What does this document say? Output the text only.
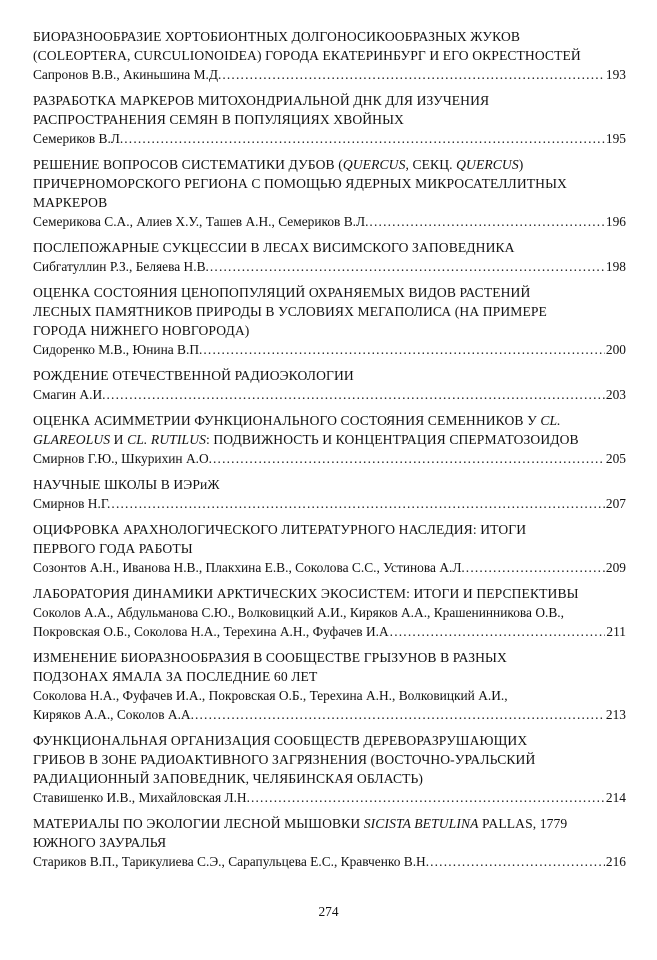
БИОРАЗНООБРАЗИЕ ХОРТОБИОНТНЫХ ДОЛГОНОСИКООБРАЗНЫХ ЖУКОВ
(COLEOPTERA, CURCULIONOIDEA) ГОРОДА ЕКАТЕРИНБУРГ И ЕГО ОКРЕСТНОСТЕЙ
Сапронов В.В., Акиньшина М.Д. .....	193
РАЗРАБОТКА МАРКЕРОВ МИТОХОНДРИАЛЬНОЙ ДНК ДЛЯ ИЗУЧЕНИЯ
РАСПРОСТРАНЕНИЯ СЕМЯН В ПОПУЛЯЦИЯХ ХВОЙНЫХ
Семериков В.Л. .....	195
РЕШЕНИЕ ВОПРОСОВ СИСТЕМАТИКИ ДУБОВ (QUERCUS, СЕКЦ. QUERCUS)
ПРИЧЕРНОМОРСКОГО РЕГИОНА С ПОМОЩЬЮ ЯДЕРНЫХ МИКРОСАТЕЛЛИТНЫХ
МАРКЕРОВ
Семерикова С.А., Алиев Х.У., Ташев А.Н., Семериков В.Л. .....	196
ПОСЛЕПОЖАРНЫЕ СУКЦЕССИИ В ЛЕСАХ ВИСИМСКОГО ЗАПОВЕДНИКА
Сибгатуллин Р.З., Беляева Н.В. .....	198
ОЦЕНКА СОСТОЯНИЯ ЦЕНОПОПУЛЯЦИЙ ОХРАНЯЕМЫХ ВИДОВ РАСТЕНИЙ
ЛЕСНЫХ ПАМЯТНИКОВ ПРИРОДЫ В УСЛОВИЯХ МЕГАПОЛИСА (НА ПРИМЕРЕ
ГОРОДА НИЖНЕГО НОВГОРОДА)
Сидоренко М.В., Юнина В.П. .....	200
РОЖДЕНИЕ ОТЕЧЕСТВЕННОЙ РАДИОЭКОЛОГИИ
Смагин А.И. .....	203
ОЦЕНКА АСИММЕТРИИ ФУНКЦИОНАЛЬНОГО СОСТОЯНИЯ СЕМЕННИКОВ У CL.
GLAREOLUS И CL. RUTILUS: ПОДВИЖНОСТЬ И КОНЦЕНТРАЦИЯ СПЕРМАТОЗОИДОВ
Смирнов Г.Ю., Шкурихин А.О. .....	205
НАУЧНЫЕ ШКОЛЫ В ИЭРиЖ
Смирнов Н.Г. .....	207
ОЦИФРОВКА АРАХНОЛОГИЧЕСКОГО ЛИТЕРАТУРНОГО НАСЛЕДИЯ: ИТОГИ
ПЕРВОГО ГОДА РАБОТЫ
Созонтов А.Н., Иванова Н.В., Плакхина Е.В., Соколова С.С., Устинова А.Л. .....	209
ЛАБОРАТОРИЯ ДИНАМИКИ АРКТИЧЕСКИХ ЭКОСИСТЕМ: ИТОГИ И ПЕРСПЕКТИВЫ
Соколов А.А., Абдульманова С.Ю., Волковицкий А.И., Киряков А.А., Крашенинникова О.В.,
Покровская О.Б., Соколова Н.А., Терехина А.Н., Фуфачев И.А .....	211
ИЗМЕНЕНИЕ БИОРАЗНООБРАЗИЯ В СООБЩЕСТВЕ ГРЫЗУНОВ В РАЗНЫХ
ПОДЗОНАХ ЯМАЛА ЗА ПОСЛЕДНИЕ 60 ЛЕТ
Соколова Н.А., Фуфачев И.А., Покровская О.Б., Терехина А.Н., Волковицкий А.И.,
Киряков А.А., Соколов А.А. .....	213
ФУНКЦИОНАЛЬНАЯ ОРГАНИЗАЦИЯ СООБЩЕСТВ ДЕРЕВОРАЗРУШАЮЩИХ
ГРИБОВ В ЗОНЕ РАДИОАКТИВНОГО ЗАГРЯЗНЕНИЯ (ВОСТОЧНО-УРАЛЬСКИЙ
РАДИАЦИОННЫЙ ЗАПОВЕДНИК, ЧЕЛЯБИНСКАЯ ОБЛАСТЬ)
Ставишенко И.В., Михайловская Л.Н. .....	214
МАТЕРИАЛЫ ПО ЭКОЛОГИИ ЛЕСНОЙ МЫШОВКИ SICISTA BETULINA PALLAS, 1779
ЮЖНОГО ЗАУРАЛЬЯ
Стариков В.П., Тарикулиева С.Э., Сарапульцева Е.С., Кравченко В.Н. .....	216
274
